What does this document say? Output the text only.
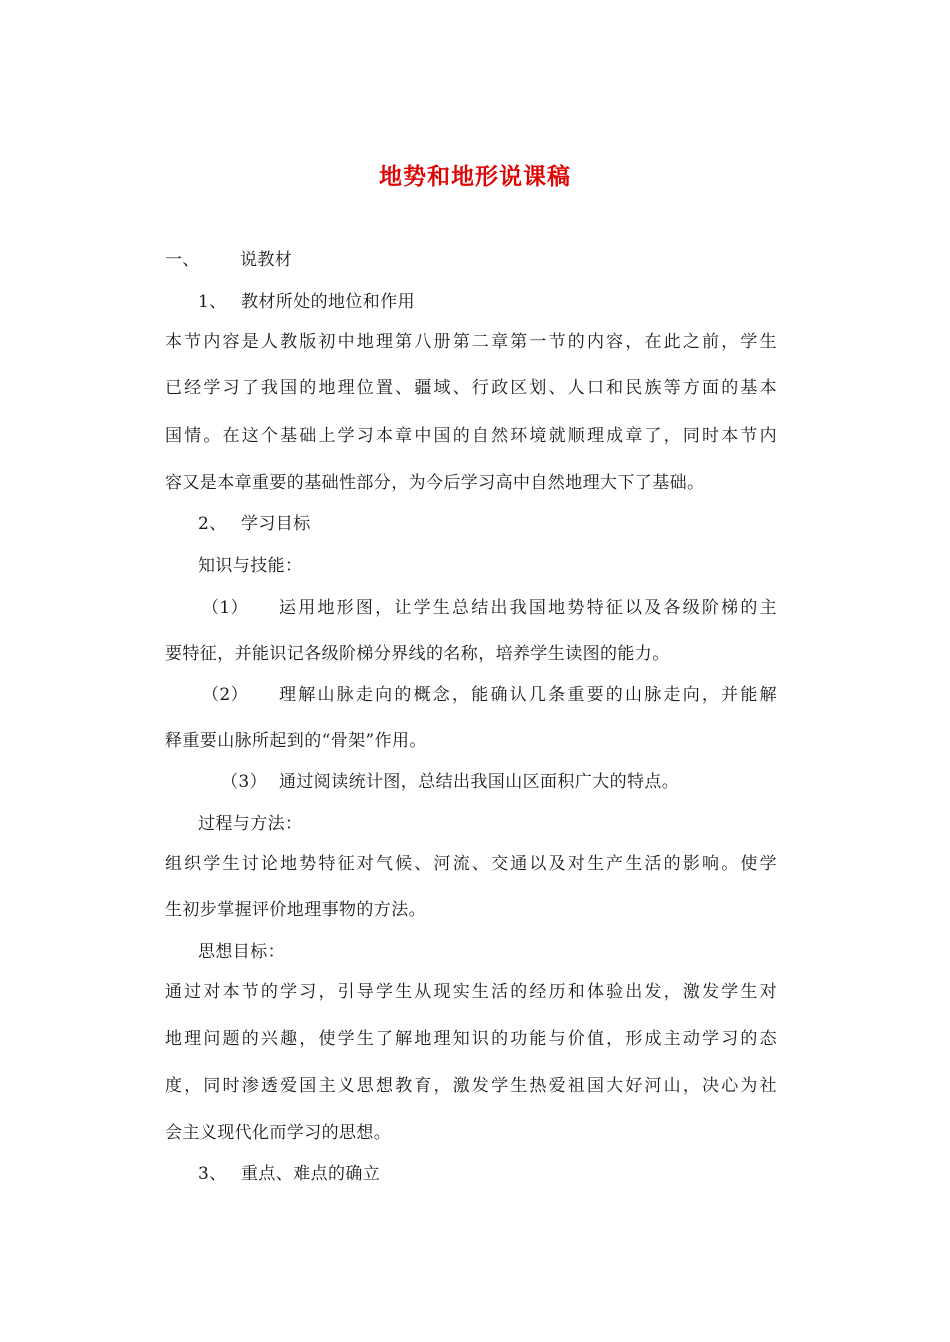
地势和地形说课稿
一、 说教材
1、 教材所处的地位和作用
本节内容是人教版初中地理第八册第二章第一节的内容，在此之前，学生
已经学习了我国的地理位置、疆域、行政区划、人口和民族等方面的基本
国情。在这个基础上学习本章中国的自然环境就顺理成章了，同时本节内
容又是本章重要的基础性部分，为今后学习高中自然地理大下了基础。
2、 学习目标
知识与技能：
（1） 运用地形图，让学生总结出我国地势特征以及各级阶梯的主
要特征，并能识记各级阶梯分界线的名称，培养学生读图的能力。
（2） 理解山脉走向的概念，能确认几条重要的山脉走向，并能解
释重要山脉所起到的“骨架”作用。
（3） 通过阅读统计图，总结出我国山区面积广大的特点。
过程与方法：
组织学生讨论地势特征对气候、河流、交通以及对生产生活的影响。使学
生初步掌握评价地理事物的方法。
思想目标：
通过对本节的学习，引导学生从现实生活的经历和体验出发，激发学生对
地理问题的兴趣，使学生了解地理知识的功能与价值，形成主动学习的态
度，同时渗透爱国主义思想教育，激发学生热爱祖国大好河山，决心为社
会主义现代化而学习的思想。
3、 重点、难点的确立
